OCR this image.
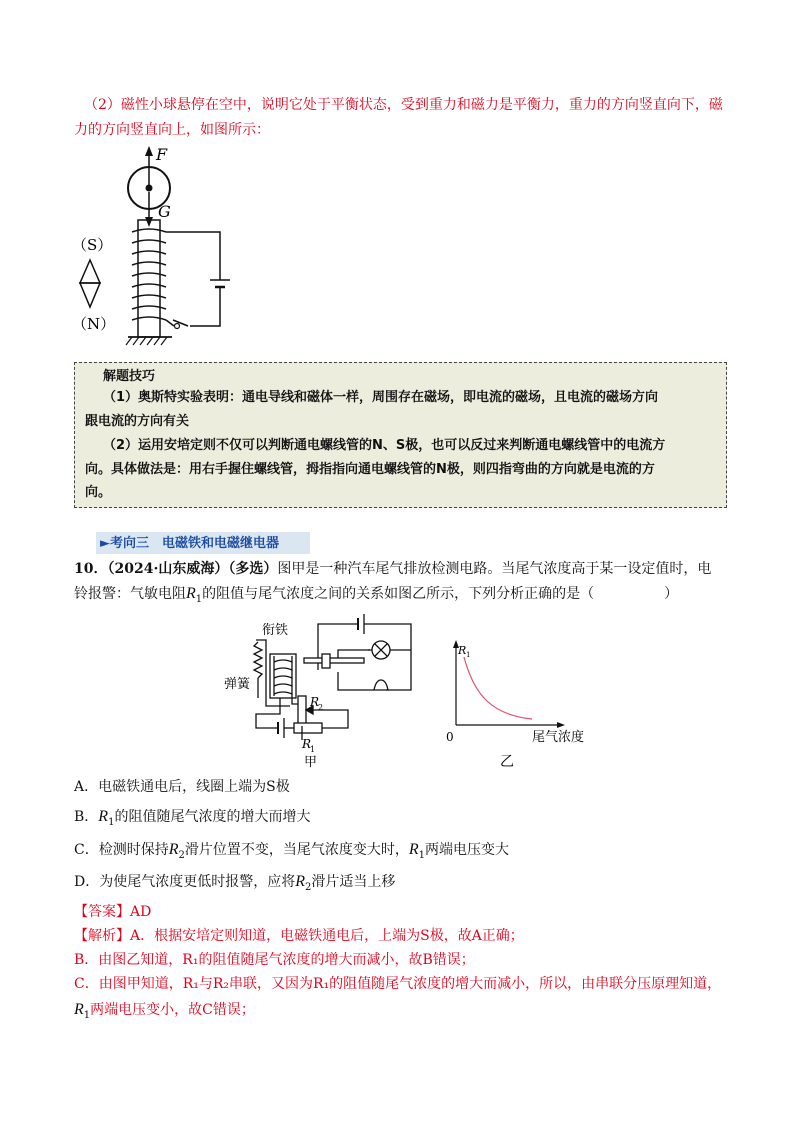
（2）磁性小球悬停在空中，说明它处于平衡状态，受到重力和磁力是平衡力，重力的方向竖直向下，磁
力的方向竖直向上，如图所示：
F
G
（S）
（N）
解题技巧
（1）奥斯特实验表明：通电导线和磁体一样，周围存在磁场，即电流的磁场，且电流的磁场方向
跟电流的方向有关
（2）运用安培定则不仅可以判断通电螺线管的N、S极，也可以反过来判断通电螺线管中的电流方
向。具体做法是：用右手握住螺线管，拇指指向通电螺线管的N极，则四指弯曲的方向就是电流的方
向。
►考向三　电磁铁和电磁继电器
10．（2024·山东威海）（多选）图甲是一种汽车尾气排放检测电路。当尾气浓度高于某一设定值时，电
铃报警：气敏电阻$R_1$的阻值与尾气浓度之间的关系如图乙所示，下列分析正确的是（　　　　　）
衔铁
弹簧
R
2
R
1
甲
R 1
0	尾气浓度
乙
A．电磁铁通电后，线圈上端为S极
B．$R_1$的阻值随尾气浓度的增大而增大
C．检测时保持$R_2$滑片位置不变，当尾气浓度变大时，$R_1$两端电压变大
D．为使尾气浓度更低时报警，应将$R_2$滑片适当上移
【答案】AD
【解析】A．根据安培定则知道，电磁铁通电后，上端为S极，故A正确；
B．由图乙知道，R₁的阻值随尾气浓度的增大而减小，故B错误；
C．由图甲知道，R₁与R₂串联，又因为R₁的阻值随尾气浓度的增大而减小，所以，由串联分压原理知道，
$R_1$两端电压变小，故C错误；
